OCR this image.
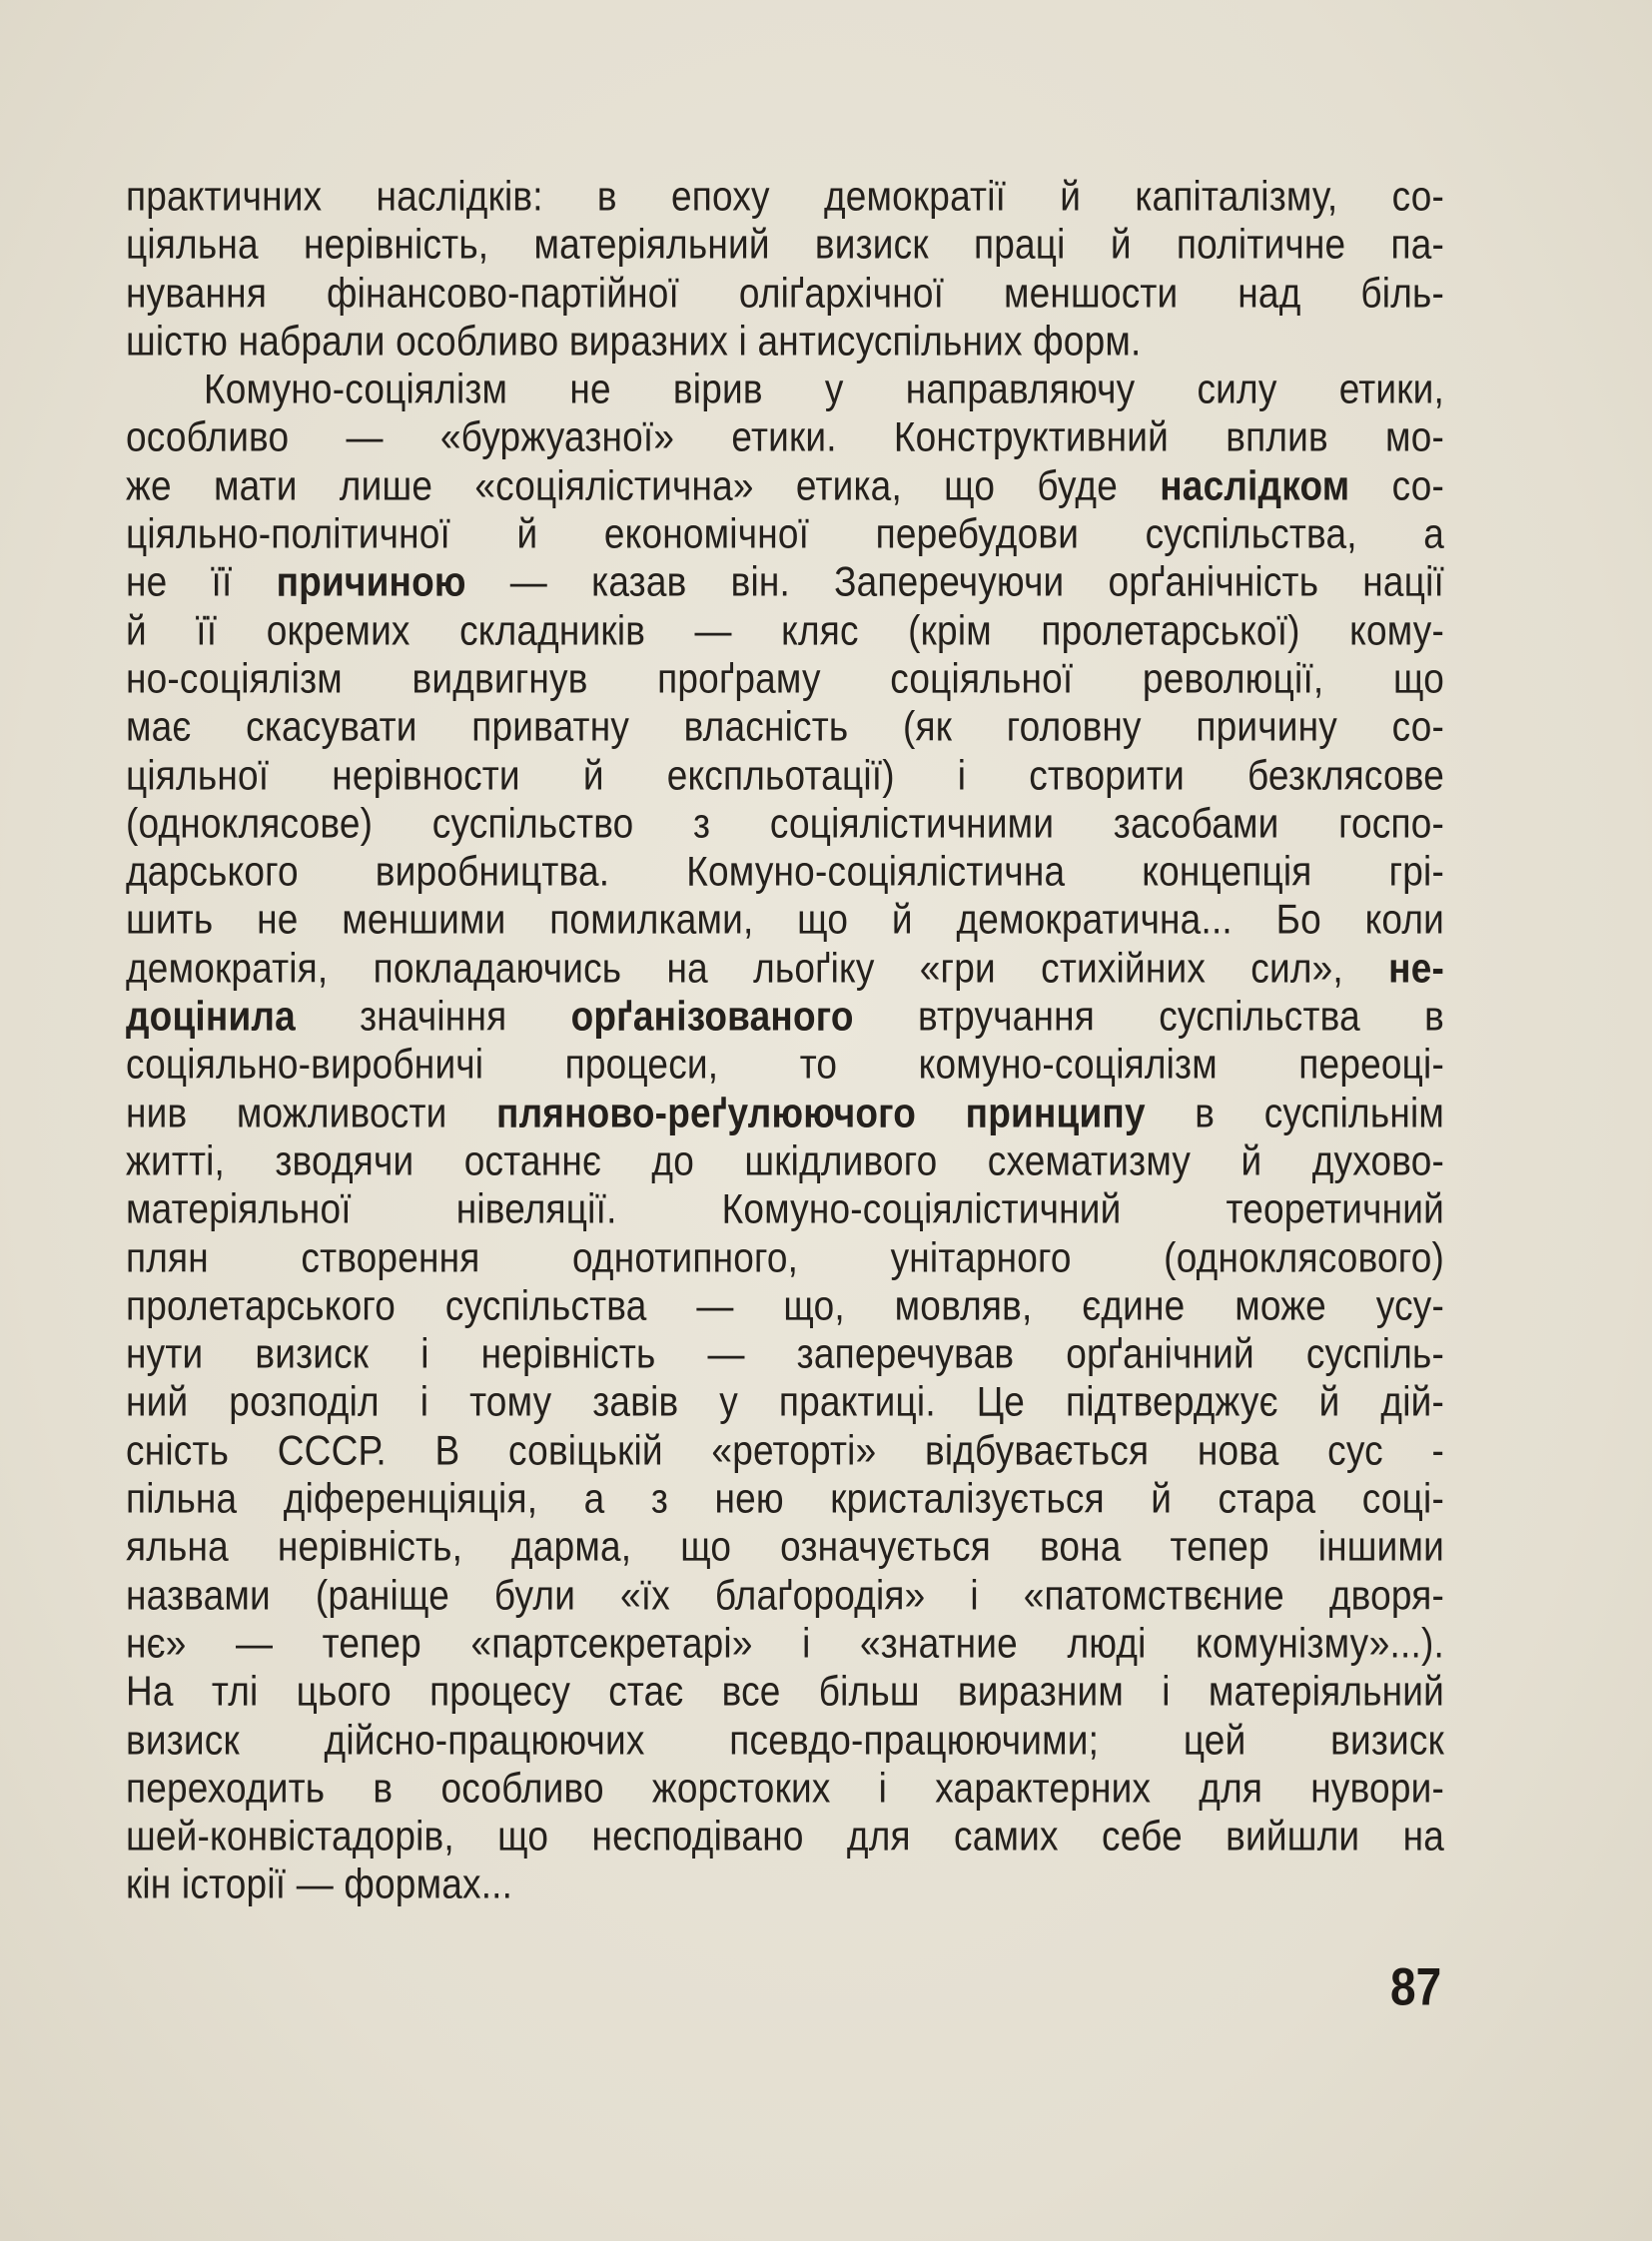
практичних наслідків: в епоху демократії й капіталізму, со-
ціяльна нерівність, матеріяльний визиск праці й політичне па-
нування фінансово-партійної оліґархічної меншости над біль-
шістю набрали особливо виразних і антисуспільних форм.
Комуно-соціялізм не вірив у направляючу силу етики,
особливо — «буржуазної» етики. Конструктивний вплив мо-
же мати лише «соціялістична» етика, що буде наслідком со-
ціяльно-політичної й економічної перебудови суспільства, а
не її причиною — казав він. Заперечуючи орґанічність нації
й її окремих складників — кляс (крім пролетарської) кому-
но-соціялізм видвигнув проґраму соціяльної революції, що
має скасувати приватну власність (як головну причину со-
ціяльної нерівности й експльотації) і створити безклясове
(одноклясове) суспільство з соціялістичними засобами госпо-
дарського виробництва. Комуно-соціялістична концепція грі-
шить не меншими помилками, що й демократична... Бо коли
демократія, покладаючись на льоґіку «гри стихійних сил», не-
доцінила значіння орґанізованого втручання суспільства в
соціяльно-виробничі процеси, то комуно-соціялізм переоці-
нив можливости пляново-реґулюючого принципу в суспільнім
житті, зводячи останнє до шкідливого схематизму й духово-
матеріяльної нівеляції. Комуно-соціялістичний теоретичний
плян створення однотипного, унітарного (одноклясового)
пролетарського суспільства — що, мовляв, єдине може усу-
нути визиск і нерівність — заперечував орґанічний суспіль-
ний розподіл і тому завів у практиці. Це підтверджує й дій-
сність СССР. В совіцькій «реторті» відбувається нова сус -
пільна діференціяція, а з нею кристалізується й стара соці-
яльна нерівність, дарма, що означується вона тепер іншими
назвами (раніще були «їх блаґородія» і «патомствєние дворя-
нє» — тепер «партсекретарі» і «знатние люді комунізму»...).
На тлі цього процесу стає все більш виразним і матеріяльний
визиск дійсно-працюючих псевдо-працюючими; цей визиск
переходить в особливо жорстоких і характерних для нувори-
шей-конвістадорів, що несподівано для самих себе вийшли на
кін історії — формах...
87
